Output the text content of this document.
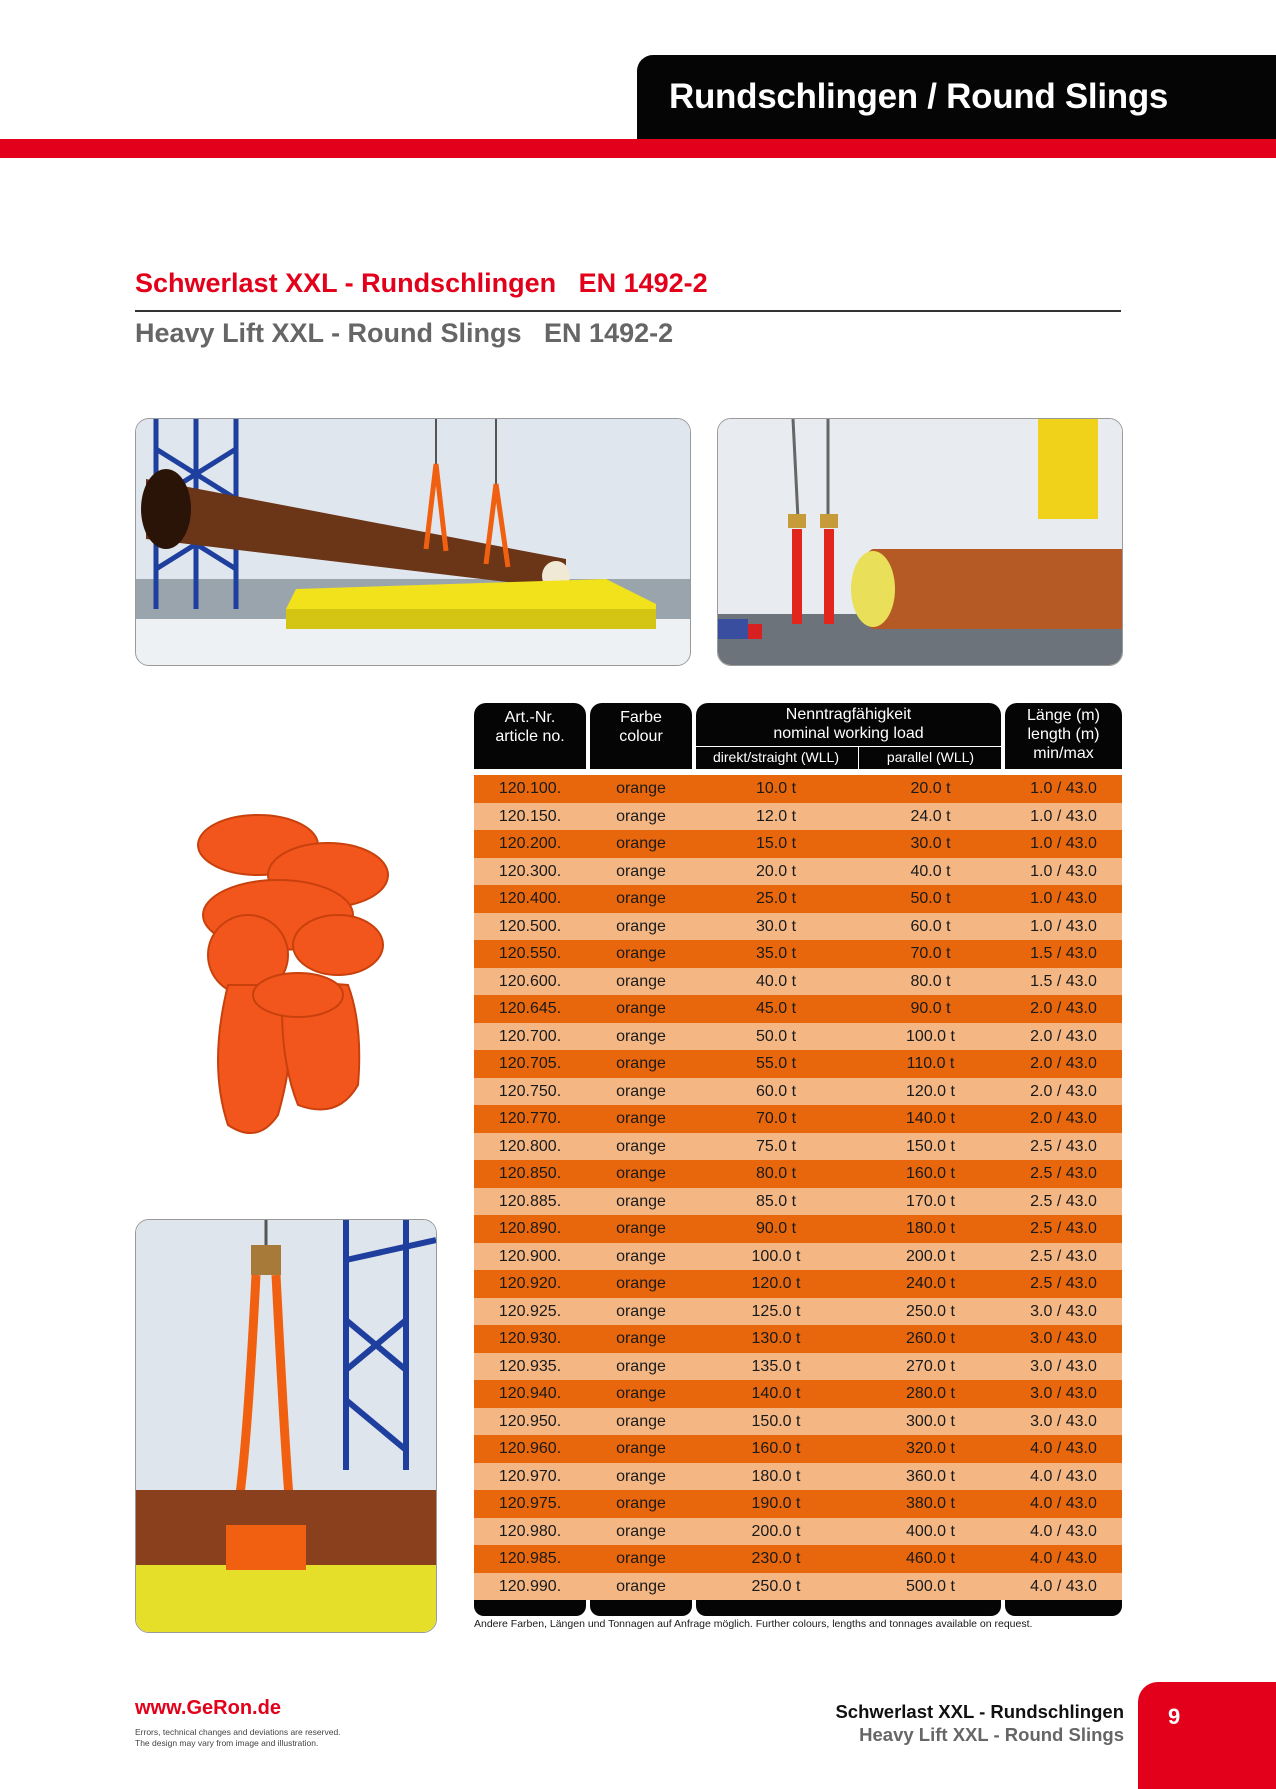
Rundschlingen / Round Slings
Schwerlast XXL - Rundschlingen   EN 1492-2
Heavy Lift XXL - Round Slings   EN 1492-2
Art.-Nr.
article no.
Farbe
colour
Nenntragfähigkeit
nominal working load
direkt/straight (WLL)	parallel (WLL)
Länge (m)
length (m)
min/max
120.100.	orange	10.0 t	20.0 t	1.0 / 43.0
120.150.	orange	12.0 t	24.0 t	1.0 / 43.0
120.200.	orange	15.0 t	30.0 t	1.0 / 43.0
120.300.	orange	20.0 t	40.0 t	1.0 / 43.0
120.400.	orange	25.0 t	50.0 t	1.0 / 43.0
120.500.	orange	30.0 t	60.0 t	1.0 / 43.0
120.550.	orange	35.0 t	70.0 t	1.5 / 43.0
120.600.	orange	40.0 t	80.0 t	1.5 / 43.0
120.645.	orange	45.0 t	90.0 t	2.0 / 43.0
120.700.	orange	50.0 t	100.0 t	2.0 / 43.0
120.705.	orange	55.0 t	110.0 t	2.0 / 43.0
120.750.	orange	60.0 t	120.0 t	2.0 / 43.0
120.770.	orange	70.0 t	140.0 t	2.0 / 43.0
120.800.	orange	75.0 t	150.0 t	2.5 / 43.0
120.850.	orange	80.0 t	160.0 t	2.5 / 43.0
120.885.	orange	85.0 t	170.0 t	2.5 / 43.0
120.890.	orange	90.0 t	180.0 t	2.5 / 43.0
120.900.	orange	100.0 t	200.0 t	2.5 / 43.0
120.920.	orange	120.0 t	240.0 t	2.5 / 43.0
120.925.	orange	125.0 t	250.0 t	3.0 / 43.0
120.930.	orange	130.0 t	260.0 t	3.0 / 43.0
120.935.	orange	135.0 t	270.0 t	3.0 / 43.0
120.940.	orange	140.0 t	280.0 t	3.0 / 43.0
120.950.	orange	150.0 t	300.0 t	3.0 / 43.0
120.960.	orange	160.0 t	320.0 t	4.0 / 43.0
120.970.	orange	180.0 t	360.0 t	4.0 / 43.0
120.975.	orange	190.0 t	380.0 t	4.0 / 43.0
120.980.	orange	200.0 t	400.0 t	4.0 / 43.0
120.985.	orange	230.0 t	460.0 t	4.0 / 43.0
120.990.	orange	250.0 t	500.0 t	4.0 / 43.0
Andere Farben, Längen und Tonnagen auf Anfrage möglich. Further colours, lengths and tonnages available on request.
www.GeRon.de
Errors, technical changes and deviations are reserved.
The design may vary from image and illustration.
Schwerlast XXL - Rundschlingen
Heavy Lift XXL - Round Slings
9
